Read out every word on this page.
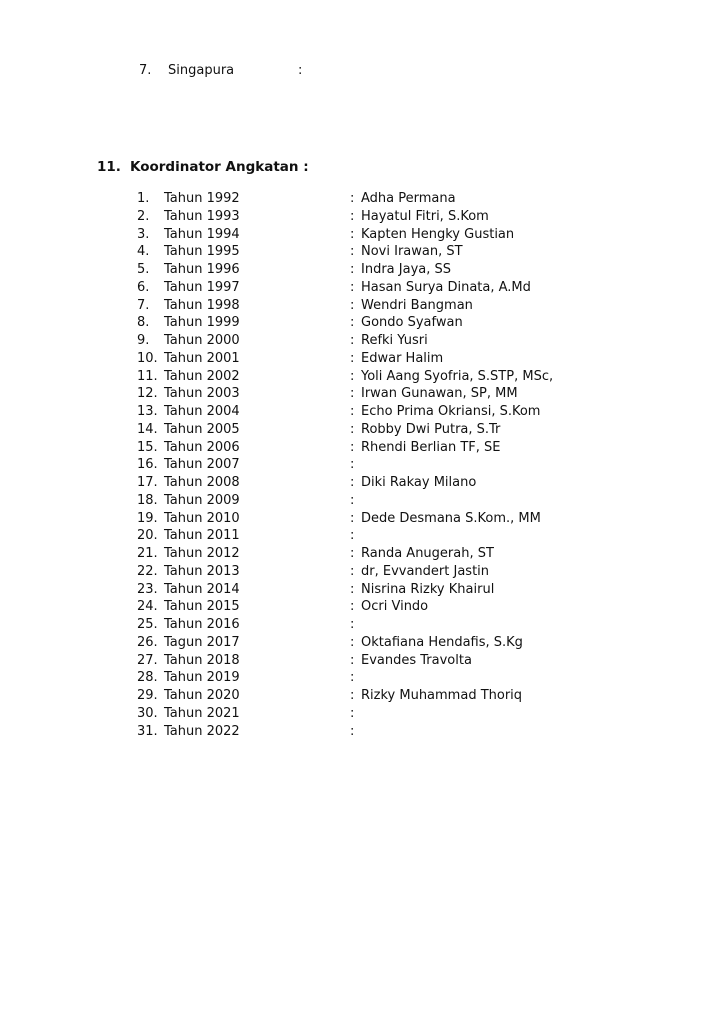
7. Singapura	:
11. Koordinator Angkatan :
1. Tahun 1992	: Adha Permana
2. Tahun 1993	: Hayatul Fitri, S.Kom
3. Tahun 1994	: Kapten Hengky Gustian
4. Tahun 1995	: Novi Irawan, ST
5. Tahun 1996	: Indra Jaya, SS
6. Tahun 1997	: Hasan Surya Dinata, A.Md
7. Tahun 1998	: Wendri Bangman
8. Tahun 1999	: Gondo Syafwan
9. Tahun 2000	: Refki Yusri
10. Tahun 2001	: Edwar Halim
11. Tahun 2002	: Yoli Aang Syofria, S.STP, MSc,
12. Tahun 2003	: Irwan Gunawan, SP, MM
13. Tahun 2004	: Echo Prima Okriansi, S.Kom
14. Tahun 2005	: Robby Dwi Putra, S.Tr
15. Tahun 2006	: Rhendi Berlian TF, SE
16. Tahun 2007	:
17. Tahun 2008	: Diki Rakay Milano
18. Tahun 2009	:
19. Tahun 2010	: Dede Desmana S.Kom., MM
20. Tahun 2011	:
21. Tahun 2012	: Randa Anugerah, ST
22. Tahun 2013	: dr, Evvandert Jastin
23. Tahun 2014	: Nisrina Rizky Khairul
24. Tahun 2015	: Ocri Vindo
25. Tahun 2016	:
26. Tagun 2017	: Oktafiana Hendafis, S.Kg
27. Tahun 2018	: Evandes Travolta
28. Tahun 2019	:
29. Tahun 2020	: Rizky Muhammad Thoriq
30. Tahun 2021	:
31. Tahun 2022	:
